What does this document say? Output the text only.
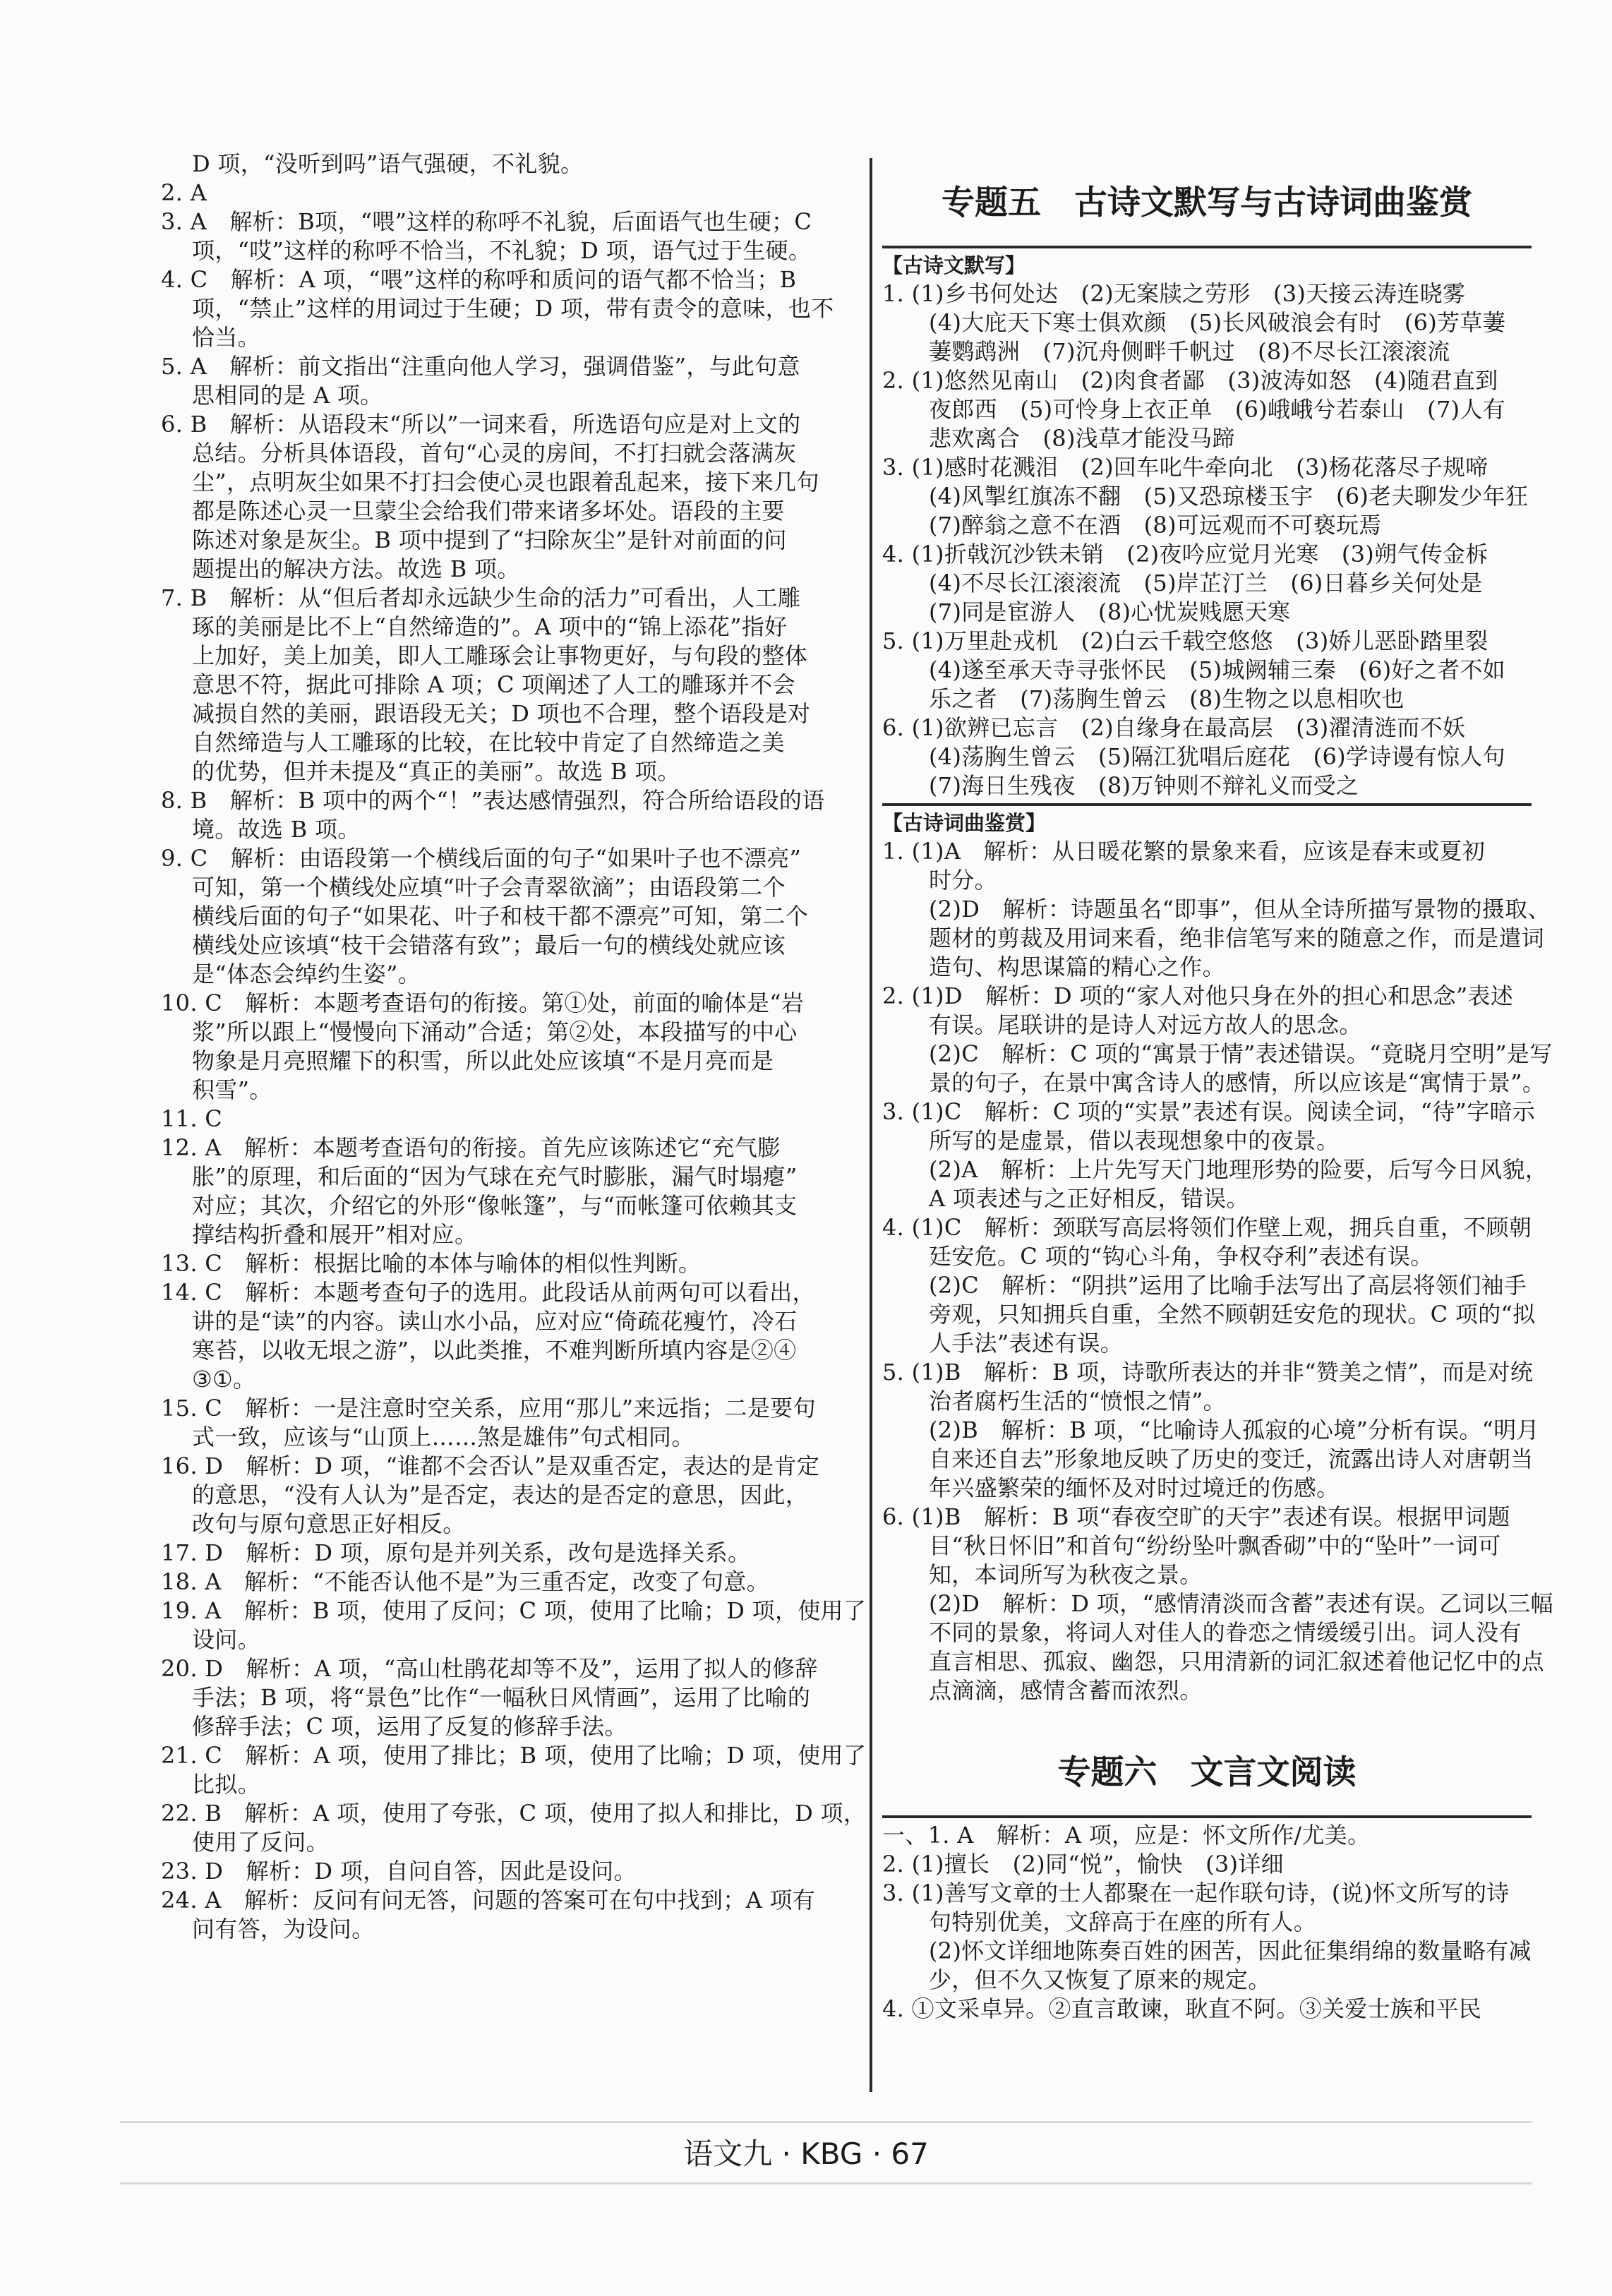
D 项，“没听到吗”语气强硬，不礼貌。
2. A
3. A　解析：B项，“喂”这样的称呼不礼貌，后面语气也生硬；C
项，“哎”这样的称呼不恰当，不礼貌；D 项，语气过于生硬。
4. C　解析：A 项，“喂”这样的称呼和质问的语气都不恰当；B
项，“禁止”这样的用词过于生硬；D 项，带有责令的意味，也不
恰当。
5. A　解析：前文指出“注重向他人学习，强调借鉴”，与此句意
思相同的是 A 项。
6. B　解析：从语段末“所以”一词来看，所选语句应是对上文的
总结。分析具体语段，首句“心灵的房间，不打扫就会落满灰
尘”，点明灰尘如果不打扫会使心灵也跟着乱起来，接下来几句
都是陈述心灵一旦蒙尘会给我们带来诸多坏处。语段的主要
陈述对象是灰尘。B 项中提到了“扫除灰尘”是针对前面的问
题提出的解决方法。故选 B 项。
7. B　解析：从“但后者却永远缺少生命的活力”可看出，人工雕
琢的美丽是比不上“自然缔造的”。A 项中的“锦上添花”指好
上加好，美上加美，即人工雕琢会让事物更好，与句段的整体
意思不符，据此可排除 A 项；C 项阐述了人工的雕琢并不会
减损自然的美丽，跟语段无关；D 项也不合理，整个语段是对
自然缔造与人工雕琢的比较，在比较中肯定了自然缔造之美
的优势，但并未提及“真正的美丽”。故选 B 项。
8. B　解析：B 项中的两个“！”表达感情强烈，符合所给语段的语
境。故选 B 项。
9. C　解析：由语段第一个横线后面的句子“如果叶子也不漂亮”
可知，第一个横线处应填“叶子会青翠欲滴”；由语段第二个
横线后面的句子“如果花、叶子和枝干都不漂亮”可知，第二个
横线处应该填“枝干会错落有致”；最后一句的横线处就应该
是“体态会绰约生姿”。
10. C　解析：本题考查语句的衔接。第①处，前面的喻体是“岩
浆”所以跟上“慢慢向下涌动”合适；第②处，本段描写的中心
物象是月亮照耀下的积雪，所以此处应该填“不是月亮而是
积雪”。
11. C
12. A　解析：本题考查语句的衔接。首先应该陈述它“充气膨
胀”的原理，和后面的“因为气球在充气时膨胀，漏气时塌瘪”
对应；其次，介绍它的外形“像帐篷”，与“而帐篷可依赖其支
撑结构折叠和展开”相对应。
13. C　解析：根据比喻的本体与喻体的相似性判断。
14. C　解析：本题考查句子的选用。此段话从前两句可以看出，
讲的是“读”的内容。读山水小品，应对应“倚疏花瘦竹，冷石
寒苔，以收无垠之游”，以此类推，不难判断所填内容是②④
③①。
15. C　解析：一是注意时空关系，应用“那儿”来远指；二是要句
式一致，应该与“山顶上……煞是雄伟”句式相同。
16. D　解析：D 项，“谁都不会否认”是双重否定，表达的是肯定
的意思，“没有人认为”是否定，表达的是否定的意思，因此，
改句与原句意思正好相反。
17. D　解析：D 项，原句是并列关系，改句是选择关系。
18. A　解析：“不能否认他不是”为三重否定，改变了句意。
19. A　解析：B 项，使用了反问；C 项，使用了比喻；D 项，使用了
设问。
20. D　解析：A 项，“高山杜鹃花却等不及”，运用了拟人的修辞
手法；B 项，将“景色”比作“一幅秋日风情画”，运用了比喻的
修辞手法；C 项，运用了反复的修辞手法。
21. C　解析：A 项，使用了排比；B 项，使用了比喻；D 项，使用了
比拟。
22. B　解析：A 项，使用了夸张，C 项，使用了拟人和排比，D 项，
使用了反问。
23. D　解析：D 项，自问自答，因此是设问。
24. A　解析：反问有问无答，问题的答案可在句中找到；A 项有
问有答，为设问。
专题五　古诗文默写与古诗词曲鉴赏
【古诗文默写】
1. (1)乡书何处达　(2)无案牍之劳形　(3)天接云涛连晓雾
(4)大庇天下寒士俱欢颜　(5)长风破浪会有时　(6)芳草萋
萋鹦鹉洲　(7)沉舟侧畔千帆过　(8)不尽长江滚滚流
2. (1)悠然见南山　(2)肉食者鄙　(3)波涛如怒　(4)随君直到
夜郎西　(5)可怜身上衣正单　(6)峨峨兮若泰山　(7)人有
悲欢离合　(8)浅草才能没马蹄
3. (1)感时花溅泪　(2)回车叱牛牵向北　(3)杨花落尽子规啼
(4)风掣红旗冻不翻　(5)又恐琼楼玉宇　(6)老夫聊发少年狂
(7)醉翁之意不在酒　(8)可远观而不可亵玩焉
4. (1)折戟沉沙铁未销　(2)夜吟应觉月光寒　(3)朔气传金柝
(4)不尽长江滚滚流　(5)岸芷汀兰　(6)日暮乡关何处是
(7)同是宦游人　(8)心忧炭贱愿天寒
5. (1)万里赴戎机　(2)白云千载空悠悠　(3)娇儿恶卧踏里裂
(4)遂至承天寺寻张怀民　(5)城阙辅三秦　(6)好之者不如
乐之者　(7)荡胸生曾云　(8)生物之以息相吹也
6. (1)欲辨已忘言　(2)自缘身在最高层　(3)濯清涟而不妖
(4)荡胸生曾云　(5)隔江犹唱后庭花　(6)学诗谩有惊人句
(7)海日生残夜　(8)万钟则不辩礼义而受之
【古诗词曲鉴赏】
1. (1)A　解析：从日暖花繁的景象来看，应该是春末或夏初
时分。
(2)D　解析：诗题虽名“即事”，但从全诗所描写景物的摄取、
题材的剪裁及用词来看，绝非信笔写来的随意之作，而是遣词
造句、构思谋篇的精心之作。
2. (1)D　解析：D 项的“家人对他只身在外的担心和思念”表述
有误。尾联讲的是诗人对远方故人的思念。
(2)C　解析：C 项的“寓景于情”表述错误。“竟晓月空明”是写
景的句子，在景中寓含诗人的感情，所以应该是“寓情于景”。
3. (1)C　解析：C 项的“实景”表述有误。阅读全词，“待”字暗示
所写的是虚景，借以表现想象中的夜景。
(2)A　解析：上片先写天门地理形势的险要，后写今日风貌，
A 项表述与之正好相反，错误。
4. (1)C　解析：颈联写高层将领们作壁上观，拥兵自重，不顾朝
廷安危。C 项的“钩心斗角，争权夺利”表述有误。
(2)C　解析：“阴拱”运用了比喻手法写出了高层将领们袖手
旁观，只知拥兵自重，全然不顾朝廷安危的现状。C 项的“拟
人手法”表述有误。
5. (1)B　解析：B 项，诗歌所表达的并非“赞美之情”，而是对统
治者腐朽生活的“愤恨之情”。
(2)B　解析：B 项，“比喻诗人孤寂的心境”分析有误。“明月
自来还自去”形象地反映了历史的变迁，流露出诗人对唐朝当
年兴盛繁荣的缅怀及对时过境迁的伤感。
6. (1)B　解析：B 项“春夜空旷的天宇”表述有误。根据甲词题
目“秋日怀旧”和首句“纷纷坠叶飘香砌”中的“坠叶”一词可
知，本词所写为秋夜之景。
(2)D　解析：D 项，“感情清淡而含蓄”表述有误。乙词以三幅
不同的景象，将词人对佳人的眷恋之情缓缓引出。词人没有
直言相思、孤寂、幽怨，只用清新的词汇叙述着他记忆中的点
点滴滴，感情含蓄而浓烈。
专题六　文言文阅读
一、1. A　解析：A 项，应是：怀文所作/尤美。
2. (1)擅长　(2)同“悦”，愉快　(3)详细
3. (1)善写文章的士人都聚在一起作联句诗，(说)怀文所写的诗
句特别优美，文辞高于在座的所有人。
(2)怀文详细地陈奏百姓的困苦，因此征集绢绵的数量略有减
少，但不久又恢复了原来的规定。
4. ①文采卓异。②直言敢谏，耿直不阿。③关爱士族和平民
语文九 · KBG · 67
